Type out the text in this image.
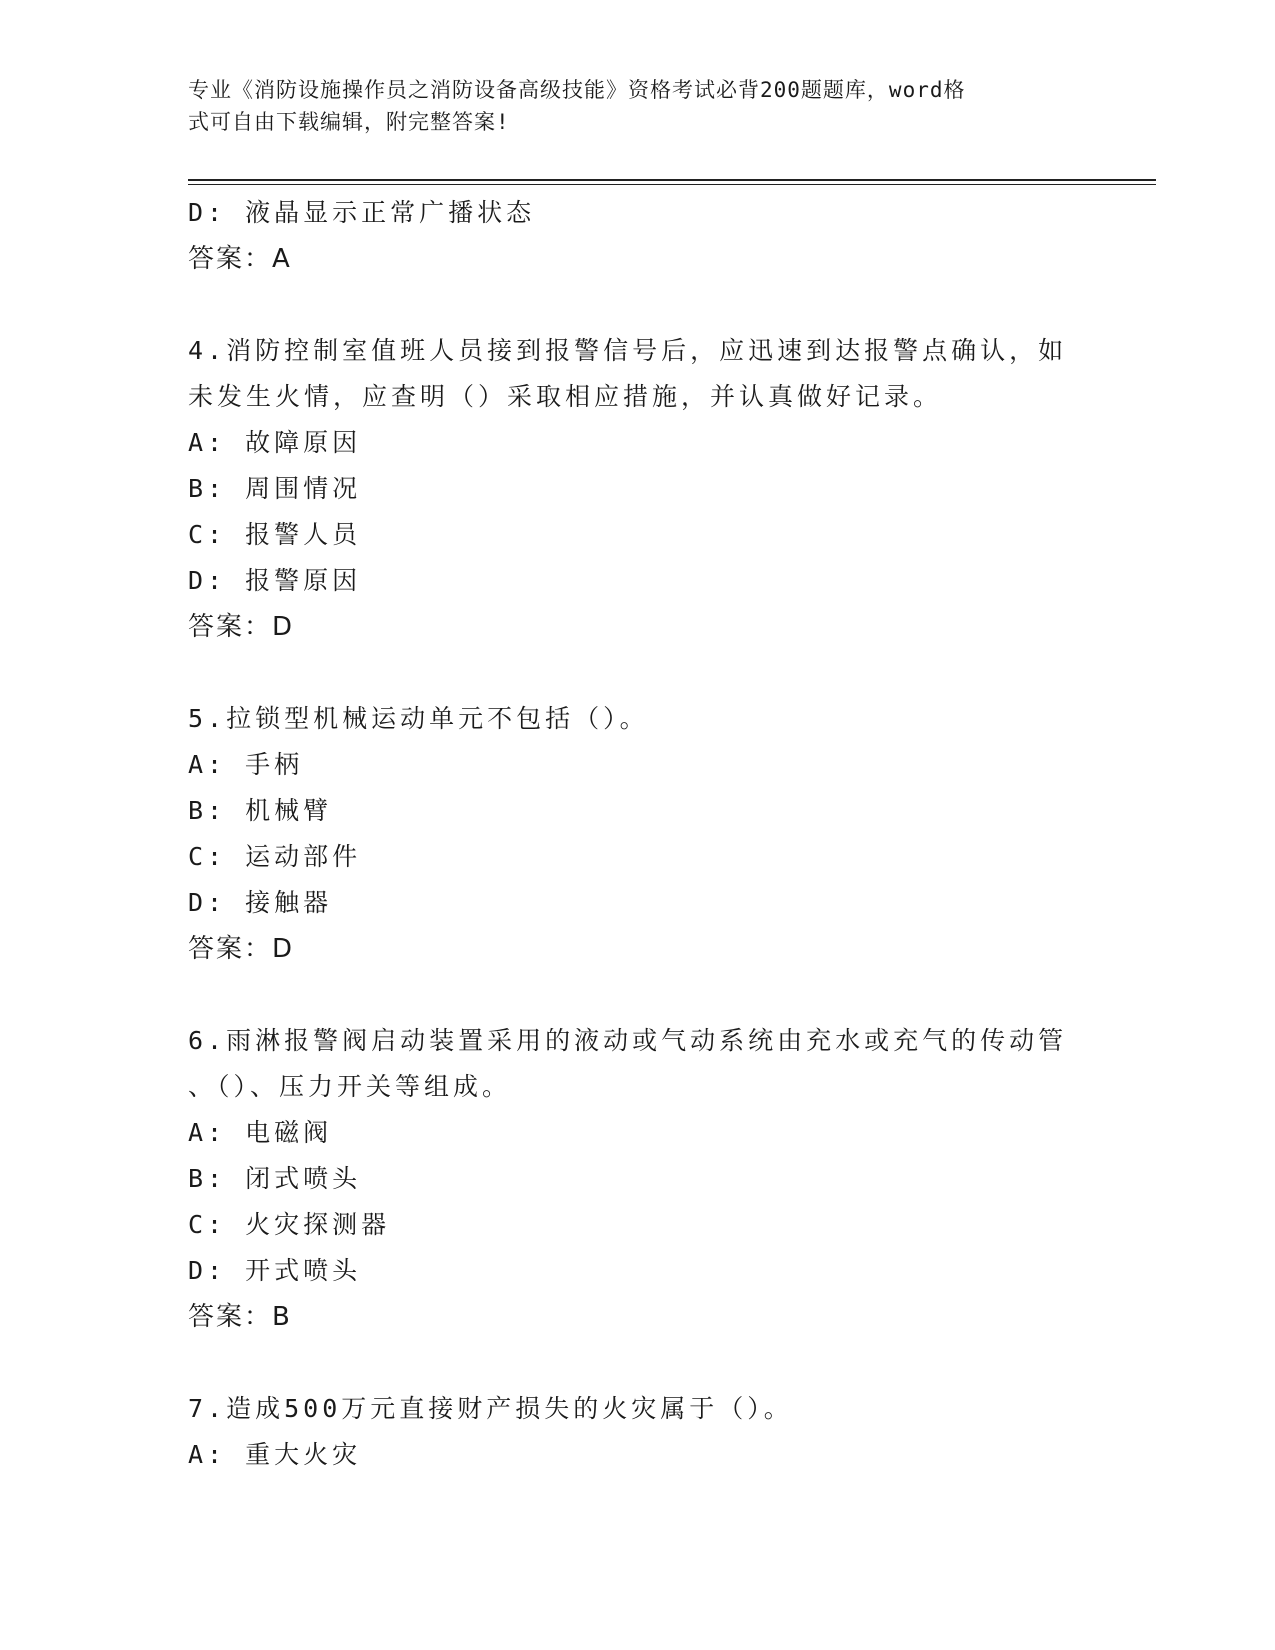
专业《消防设施操作员之消防设备高级技能》资格考试必背200题题库，word格
式可自由下载编辑，附完整答案!
D: 液晶显示正常广播状态
答案：A
4.消防控制室值班人员接到报警信号后，应迅速到达报警点确认，如
未发生火情，应查明（）采取相应措施，并认真做好记录。
A: 故障原因
B: 周围情况
C: 报警人员
D: 报警原因
答案：D
5.拉锁型机械运动单元不包括（）。
A: 手柄
B: 机械臂
C: 运动部件
D: 接触器
答案：D
6.雨淋报警阀启动装置采用的液动或气动系统由充水或充气的传动管
、（）、压力开关等组成。
A: 电磁阀
B: 闭式喷头
C: 火灾探测器
D: 开式喷头
答案：B
7.造成500万元直接财产损失的火灾属于（）。
A: 重大火灾
